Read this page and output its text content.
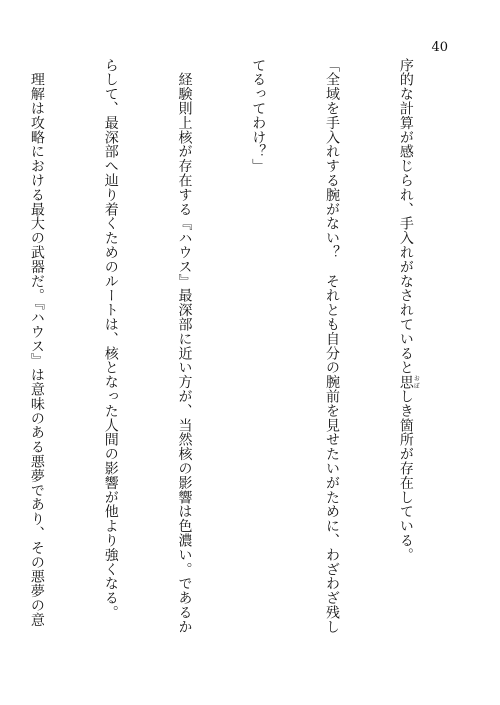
40

序的な計算が感じられ、手入れがなされていると思おぼしき箇所が存在している。

「全域を手入れする腕がない？　それとも自分の腕前を見せたいがために、わざわざ残し

てるってわけ？」

　経験則上核が存在する『ハウス』最深部に近い方が、当然核の影響は色濃い。であるか

らして、最深部へ辿り着くためのルートは、核となった人間の影響が他より強くなる。

　理解は攻略における最大の武器だ。『ハウス』は意味のある悪夢であり、その悪夢の意
